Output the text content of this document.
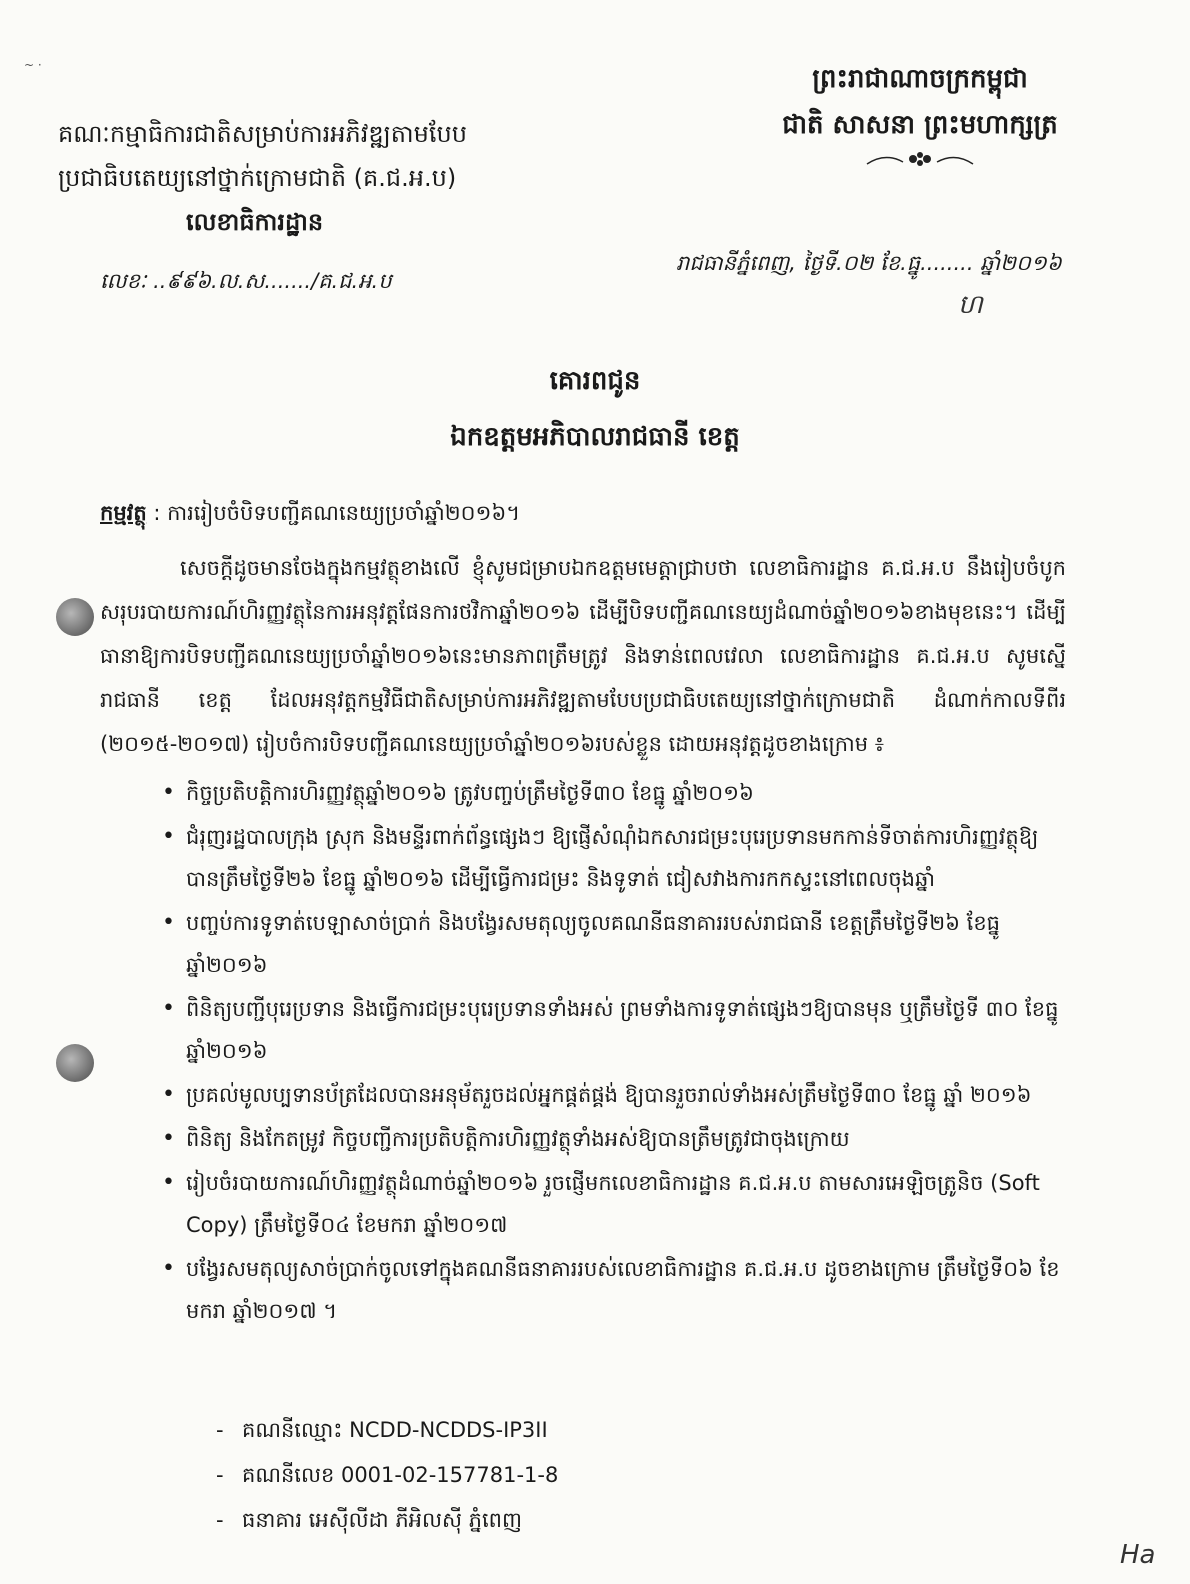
~ ·
គណៈកម្មាធិការជាតិសម្រាប់ការអភិវឌ្ឍតាមបែប
ប្រជាធិបតេយ្យនៅថ្នាក់ក្រោមជាតិ (គ.ជ.អ.ប)
លេខាធិការដ្ឋាន
ព្រះរាជាណាចក្រកម្ពុជា
ជាតិ សាសនា ព្រះមហាក្សត្រ
លេខៈ ..៩៩៦.ល.ស......./គ.ជ.អ.ប
រាជធានីភ្នំពេញ, ថ្ងៃទី.០២ ខែ.ធ្នូ........ ឆ្នាំ២០១៦
ហ
គោរពជូន
ឯកឧត្តមអភិបាលរាជធានី ខេត្ត
កម្មវត្ថុ : ការរៀបចំបិទបញ្ជីគណនេយ្យប្រចាំឆ្នាំ២០១៦។
សេចក្តីដូចមានចែងក្នុងកម្មវត្ថុខាងលើ ខ្ញុំសូមជម្រាបឯកឧត្តមមេត្តាជ្រាបថា លេខាធិការដ្ឋាន គ.ជ.អ.ប នឹងរៀបចំបូកសរុបរបាយការណ៍ហិរញ្ញវត្ថុនៃការអនុវត្តផែនការថវិកាឆ្នាំ២០១៦ ដើម្បីបិទបញ្ជីគណនេយ្យដំណាច់ឆ្នាំ២០១៦ខាងមុខនេះ។ ដើម្បីធានាឱ្យការបិទបញ្ជីគណនេយ្យប្រចាំឆ្នាំ២០១៦នេះមានភាពត្រឹមត្រូវ និងទាន់ពេលវេលា លេខាធិការដ្ឋាន គ.ជ.អ.ប សូមស្នើរាជធានី ខេត្ត ដែលអនុវត្តកម្មវិធីជាតិសម្រាប់ការអភិវឌ្ឍតាមបែបប្រជាធិបតេយ្យនៅថ្នាក់ក្រោមជាតិ ដំណាក់កាលទីពីរ (២០១៥-២០១៧) រៀបចំការបិទបញ្ជីគណនេយ្យប្រចាំឆ្នាំ២០១៦របស់ខ្លួន ដោយអនុវត្តដូចខាងក្រោម ៖
• កិច្ចប្រតិបត្តិការហិរញ្ញវត្ថុឆ្នាំ២០១៦ ត្រូវបញ្ចប់ត្រឹមថ្ងៃទី៣០ ខែធ្នូ ឆ្នាំ២០១៦
• ជំរុញរដ្ឋបាលក្រុង ស្រុក និងមន្ទីរពាក់ព័ន្ធផ្សេងៗ ឱ្យផ្ញើសំណុំឯកសារជម្រះបុរេប្រទានមកកាន់ទីចាត់ការហិរញ្ញវត្ថុឱ្យបានត្រឹមថ្ងៃទី២៦ ខែធ្នូ ឆ្នាំ២០១៦ ដើម្បីធ្វើការជម្រះ និងទូទាត់ ជៀសវាងការកកស្ទះនៅពេលចុងឆ្នាំ
• បញ្ចប់ការទូទាត់បេឡាសាច់ប្រាក់ និងបង្វែរសមតុល្យចូលគណនីធនាគាររបស់រាជធានី ខេត្តត្រឹមថ្ងៃទី២៦ ខែធ្នូ ឆ្នាំ២០១៦
• ពិនិត្យបញ្ជីបុរេប្រទាន និងធ្វើការជម្រះបុរេប្រទានទាំងអស់ ព្រមទាំងការទូទាត់ផ្សេងៗឱ្យបានមុន ឬត្រឹមថ្ងៃទី ៣០ ខែធ្នូ ឆ្នាំ២០១៦
• ប្រគល់មូលប្បទានប័ត្រដែលបានអនុម័តរួចដល់អ្នកផ្គត់ផ្គង់ ឱ្យបានរួចរាល់ទាំងអស់ត្រឹមថ្ងៃទី៣០ ខែធ្នូ ឆ្នាំ ២០១៦
• ពិនិត្យ និងកែតម្រូវ កិច្ចបញ្ជីការប្រតិបត្តិការហិរញ្ញវត្ថុទាំងអស់ឱ្យបានត្រឹមត្រូវជាចុងក្រោយ
• រៀបចំរបាយការណ៍ហិរញ្ញវត្ថុដំណាច់ឆ្នាំ២០១៦ រួចផ្ញើមកលេខាធិការដ្ឋាន គ.ជ.អ.ប តាមសារអេឡិចត្រូនិច (Soft Copy) ត្រឹមថ្ងៃទី០៤ ខែមករា ឆ្នាំ២០១៧
• បង្វែរសមតុល្យសាច់ប្រាក់ចូលទៅក្នុងគណនីធនាគាររបស់លេខាធិការដ្ឋាន គ.ជ.អ.ប ដូចខាងក្រោម ត្រឹមថ្ងៃទី០៦ ខែមករា ឆ្នាំ២០១៧ ។
- គណនីឈ្មោះ NCDD-NCDDS-IP3II
- គណនីលេខ 0001-02-157781-1-8
- ធនាគារ អេស៊ីលីដា ភីអិលស៊ី ភ្នំពេញ
Ha
